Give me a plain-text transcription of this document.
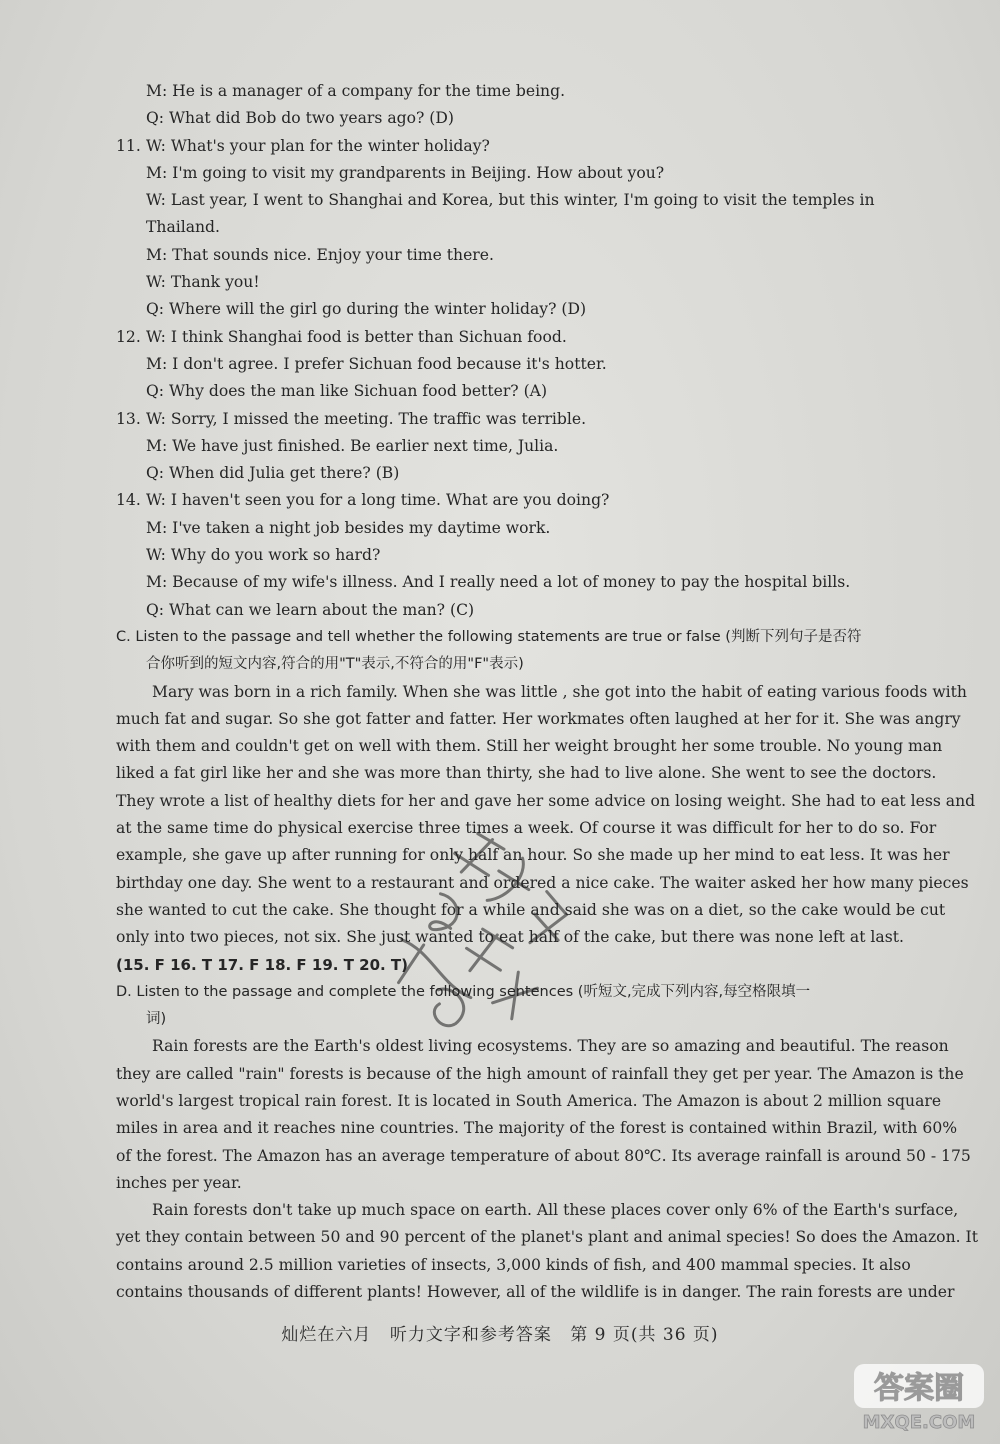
M: He is a manager of a company for the time being.
Q: What did Bob do two years ago? (D)
11. W: What's your plan for the winter holiday?
M: I'm going to visit my grandparents in Beijing. How about you?
W: Last year, I went to Shanghai and Korea, but this winter, I'm going to visit the temples in
Thailand.
M: That sounds nice. Enjoy your time there.
W: Thank you!
Q: Where will the girl go during the winter holiday? (D)
12. W: I think Shanghai food is better than Sichuan food.
M: I don't agree. I prefer Sichuan food because it's hotter.
Q: Why does the man like Sichuan food better? (A)
13. W: Sorry, I missed the meeting. The traffic was terrible.
M: We have just finished. Be earlier next time, Julia.
Q: When did Julia get there? (B)
14. W: I haven't seen you for a long time. What are you doing?
M: I've taken a night job besides my daytime work.
W: Why do you work so hard?
M: Because of my wife's illness. And I really need a lot of money to pay the hospital bills.
Q: What can we learn about the man? (C)
C. Listen to the passage and tell whether the following statements are true or false (判断下列句子是否符
合你听到的短文内容,符合的用"T"表示,不符合的用"F"表示)
Mary was born in a rich family. When she was little , she got into the habit of eating various foods with
much fat and sugar. So she got fatter and fatter. Her workmates often laughed at her for it. She was angry
with them and couldn't get on well with them. Still her weight brought her some trouble. No young man
liked a fat girl like her and she was more than thirty, she had to live alone. She went to see the doctors.
They wrote a list of healthy diets for her and gave her some advice on losing weight. She had to eat less and
at the same time do physical exercise three times a week. Of course it was difficult for her to do so. For
example, she gave up after running for only half an hour. So she made up her mind to eat less. It was her
birthday one day. She went to a restaurant and ordered a nice cake. The waiter asked her how many pieces
she wanted to cut the cake. She thought for a while and said she was on a diet, so the cake would be cut
only into two pieces, not six. She just wanted to eat half of the cake, but there was none left at last.
(15. F 16. T 17. F 18. F 19. T 20. T)
D. Listen to the passage and complete the following sentences (听短文,完成下列内容,每空格限填一
词)
Rain forests are the Earth's oldest living ecosystems. They are so amazing and beautiful. The reason
they are called "rain" forests is because of the high amount of rainfall they get per year. The Amazon is the
world's largest tropical rain forest. It is located in South America. The Amazon is about 2 million square
miles in area and it reaches nine countries. The majority of the forest is contained within Brazil, with 60%
of the forest. The Amazon has an average temperature of about 80℃. Its average rainfall is around 50 - 175
inches per year.
Rain forests don't take up much space on earth. All these places cover only 6% of the Earth's surface,
yet they contain between 50 and 90 percent of the planet's plant and animal species! So does the Amazon. It
contains around 2.5 million varieties of insects, 3,000 kinds of fish, and 400 mammal species. It also
contains thousands of different plants! However, all of the wildlife is in danger. The rain forests are under
灿烂在六月 听力文字和参考答案 第 9 页(共 36 页)
答案圈
MXQE.COM
